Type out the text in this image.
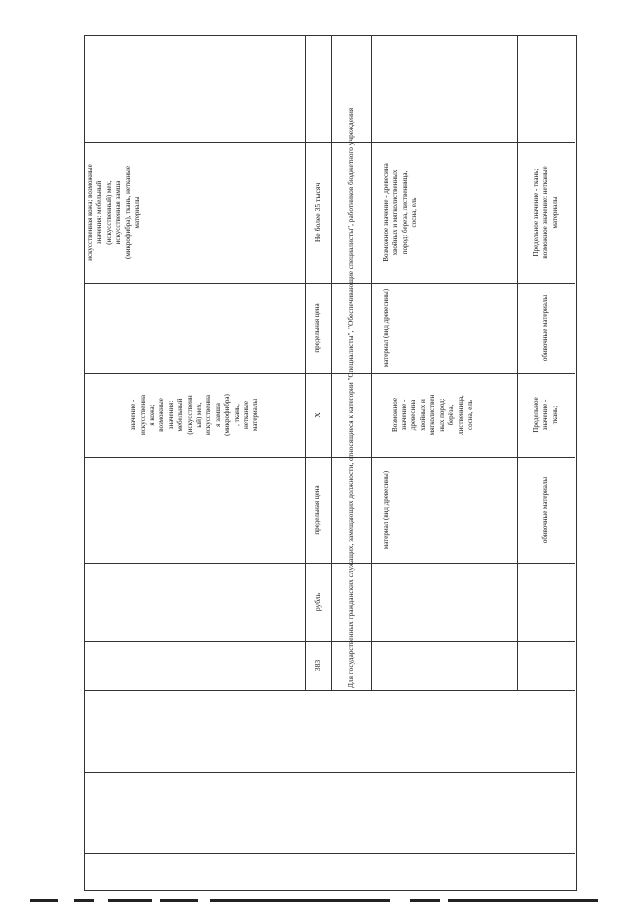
значение -
искусственна
я кожа;
возможные
значения:
мебельный
(искусственн
ый) мех,
искусственна
я замша
(микрофибра)
, ткань,
нетканые
материалы
искусственная кожа; возможные
значения: мебельный
(искусственный) мех,
искусственная замша
(микрофибра), ткань, нетканые
материалы
383
рубль
предельная цена
Х
предельная цена
Не более 35 тысяч	Для государственных гражданских служащих, замещающих должности, относящиеся к категории "Специалисты", "Обеспечивающие специалисты", работников бюджетного учреждения	материал (вид древесины)
Возможное
значение -
древесина
хвойных и
мягколиствен
ных пород:
берёза,
лиственница,
сосна, ель
материал (вид древесины)
Возможное значение - древесина
хвойных и мягколиственных
пород: береза, лиственница,
сосна, ель
обивочные материалы
Предельное
значение -
ткань;
обивочные материалы
Предельное значение - ткань;
возможное значение: нетканые
материалы
